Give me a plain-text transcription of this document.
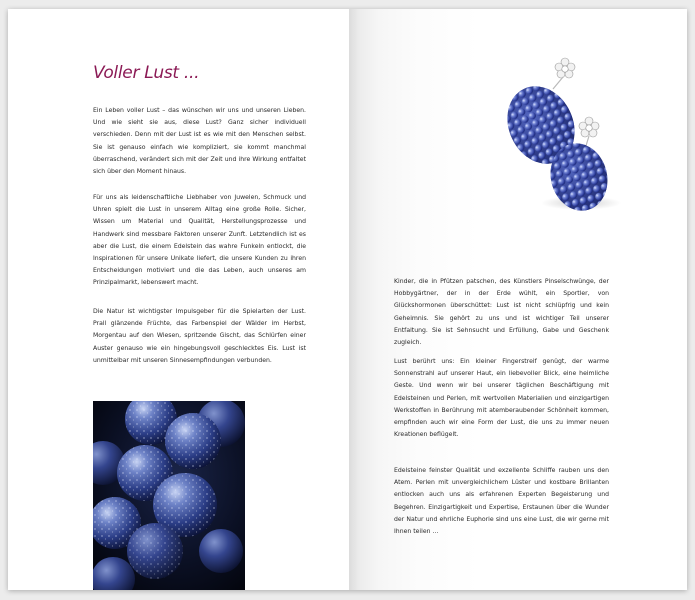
Voller Lust ...

Ein Leben voller Lust – das wünschen wir uns und unseren Lieben. Und wie sieht sie aus, diese Lust? Ganz sicher individuell verschieden. Denn mit der Lust ist es wie mit den Menschen selbst. Sie ist genauso einfach wie kompliziert, sie kommt manchmal überraschend, verändert sich mit der Zeit und ihre Wirkung entfaltet sich über den Moment hinaus.

Für uns als leidenschaftliche Liebhaber von Juwelen, Schmuck und Uhren spielt die Lust in unserem Alltag eine große Rolle. Sicher, Wissen um Material und Qualität, Herstellungsprozesse und Handwerk sind messbare Faktoren unserer Zunft. Letztendlich ist es aber die Lust, die einem Edelstein das wahre Funkeln entlockt, die Inspirationen für unsere Unikate liefert, die unsere Kunden zu ihren Entscheidungen motiviert und die das Leben, auch unseres am Prinzipalmarkt, lebenswert macht.

Die Natur ist wichtigster Impulsgeber für die Spielarten der Lust. Prall glänzende Früchte, das Farbenspiel der Wälder im Herbst, Morgentau auf den Wiesen, spritzende Gischt, das Schlürfen einer Auster genauso wie ein hingebungsvoll geschlecktes Eis. Lust ist unmittelbar mit unseren Sinnesempfindungen verbunden.

Kinder, die in Pfützen patschen, des Künstlers Pinselschwünge, der Hobbygärtner, der in der Erde wühlt, ein Sportler, von Glückshormonen überschüttet: Lust ist nicht schlüpfrig und kein Geheimnis. Sie gehört zu uns und ist wichtiger Teil unserer Entfaltung. Sie ist Sehnsucht und Erfüllung, Gabe und Geschenk zugleich.

Lust berührt uns: Ein kleiner Fingerstreif genügt, der warme Sonnenstrahl auf unserer Haut, ein liebevoller Blick, eine heimliche Geste. Und wenn wir bei unserer täglichen Beschäftigung mit Edelsteinen und Perlen, mit wertvollen Materialien und einzigartigen Werkstoffen in Berührung mit atemberaubender Schönheit kommen, empfinden auch wir eine Form der Lust, die uns zu immer neuen Kreationen beflügelt.

Edelsteine feinster Qualität und exzellente Schliffe rauben uns den Atem. Perlen mit unvergleichlichem Lüster und kostbare Brillanten entlocken auch uns als erfahrenen Experten Begeisterung und Begehren. Einzigartigkeit und Expertise, Erstaunen über die Wunder der Natur und ehrliche Euphorie sind uns eine Lust, die wir gerne mit Ihnen teilen …
